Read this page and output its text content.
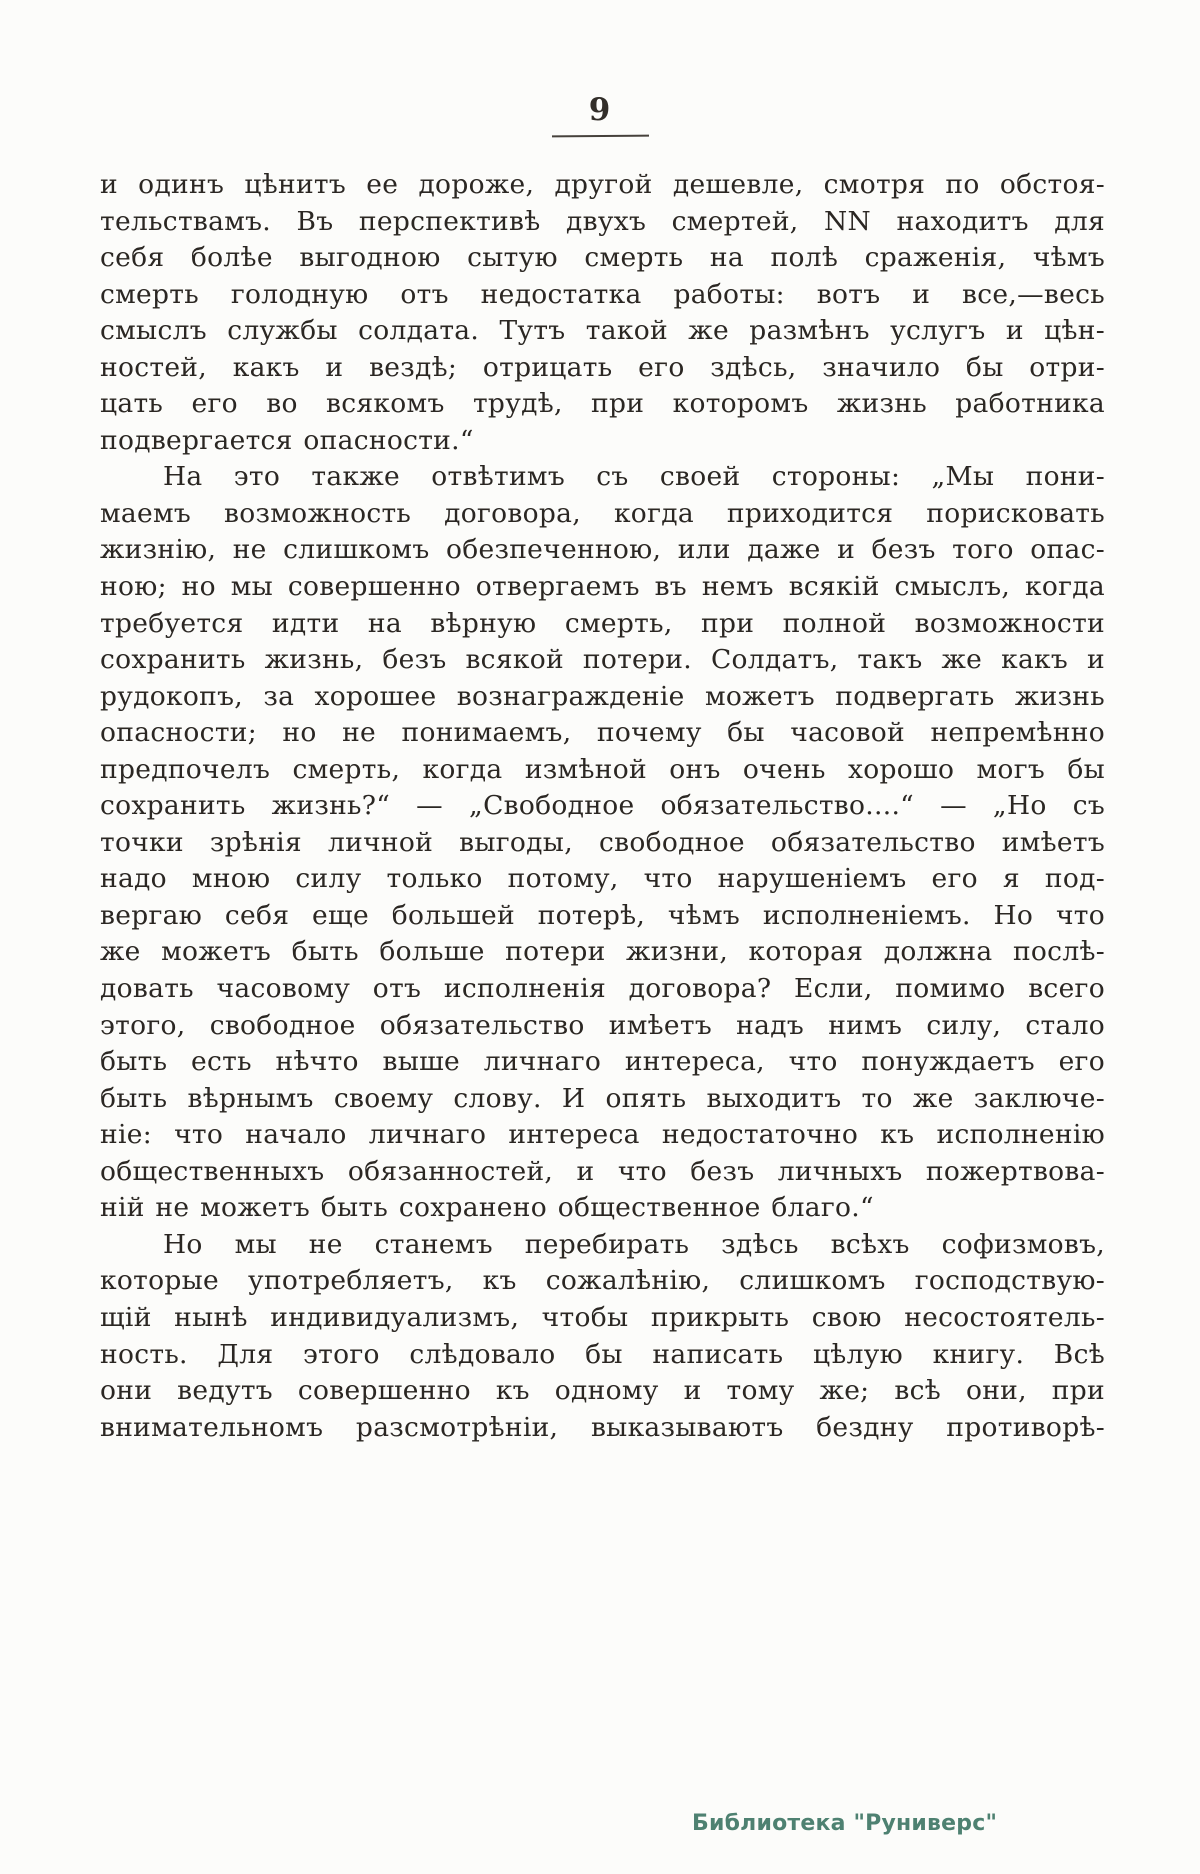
9
и одинъ цѣнитъ ее дороже, другой дешевле, смотря по обстоя-
тельствамъ. Въ перспективѣ двухъ смертей, NN находитъ для
себя болѣе выгодною сытую смерть на полѣ сраженія, чѣмъ
смерть голодную отъ недостатка работы: вотъ и все,—весь
смыслъ службы солдата. Тутъ такой же размѣнъ услугъ и цѣн-
ностей, какъ и вездѣ; отрицать его здѣсь, значило бы отри-
цать его во всякомъ трудѣ, при которомъ жизнь работника
подвергается опасности.“
На это также отвѣтимъ съ своей стороны: „Мы пони-
маемъ возможность договора, когда приходится порисковать
жизнію, не слишкомъ обезпеченною, или даже и безъ того опас-
ною; но мы совершенно отвергаемъ въ немъ всякій смыслъ, когда
требуется идти на вѣрную смерть, при полной возможности
сохранить жизнь, безъ всякой потери. Солдатъ, такъ же какъ и
рудокопъ, за хорошее вознагражденіе можетъ подвергать жизнь
опасности; но не понимаемъ, почему бы часовой непремѣнно
предпочелъ смерть, когда измѣной онъ очень хорошо могъ бы
сохранить жизнь?“ — „Свободное обязательство....“ — „Но съ
точки зрѣнія личной выгоды, свободное обязательство имѣетъ
надо мною силу только потому, что нарушеніемъ его я под-
вергаю себя еще большей потерѣ, чѣмъ исполненіемъ. Но что
же можетъ быть больше потери жизни, которая должна послѣ-
довать часовому отъ исполненія договора? Если, помимо всего
этого, свободное обязательство имѣетъ надъ нимъ силу, стало
быть есть нѣчто выше личнаго интереса, что понуждаетъ его
быть вѣрнымъ своему слову. И опять выходитъ то же заключе-
ніе: что начало личнаго интереса недостаточно къ исполненію
общественныхъ обязанностей, и что безъ личныхъ пожертвова-
ній не можетъ быть сохранено общественное благо.“
Но мы не станемъ перебирать здѣсь всѣхъ софизмовъ,
которые употребляетъ, къ сожалѣнію, слишкомъ господствую-
щій нынѣ индивидуализмъ, чтобы прикрыть свою несостоятель-
ность. Для этого слѣдовало бы написать цѣлую книгу. Всѣ
они ведутъ совершенно къ одному и тому же; всѣ они, при
внимательномъ разсмотрѣніи, выказываютъ бездну противорѣ-
Библиотека "Руниверс"
